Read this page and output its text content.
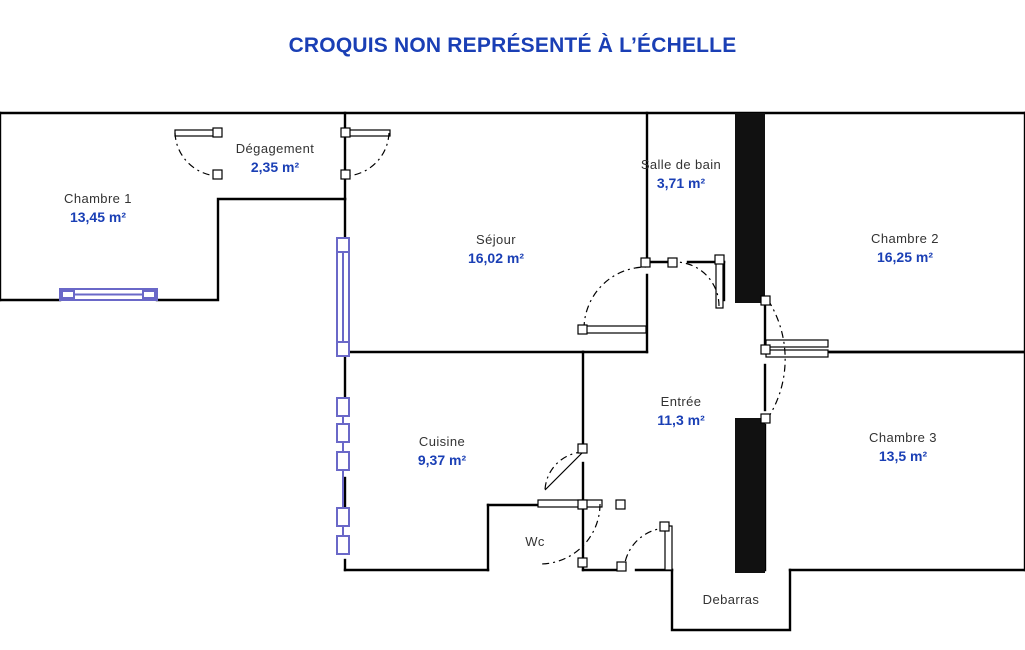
CROQUIS NON REPRÉSENTÉ À L’ÉCHELLE
Chambre 1
13,45 m²
Dégagement
2,35 m²
Séjour
16,02 m²
Salle de bain
3,71 m²
Chambre 2
16,25 m²
Entrée
11,3 m²
Chambre 3
13,5 m²
Cuisine
9,37 m²
Wc
Debarras
